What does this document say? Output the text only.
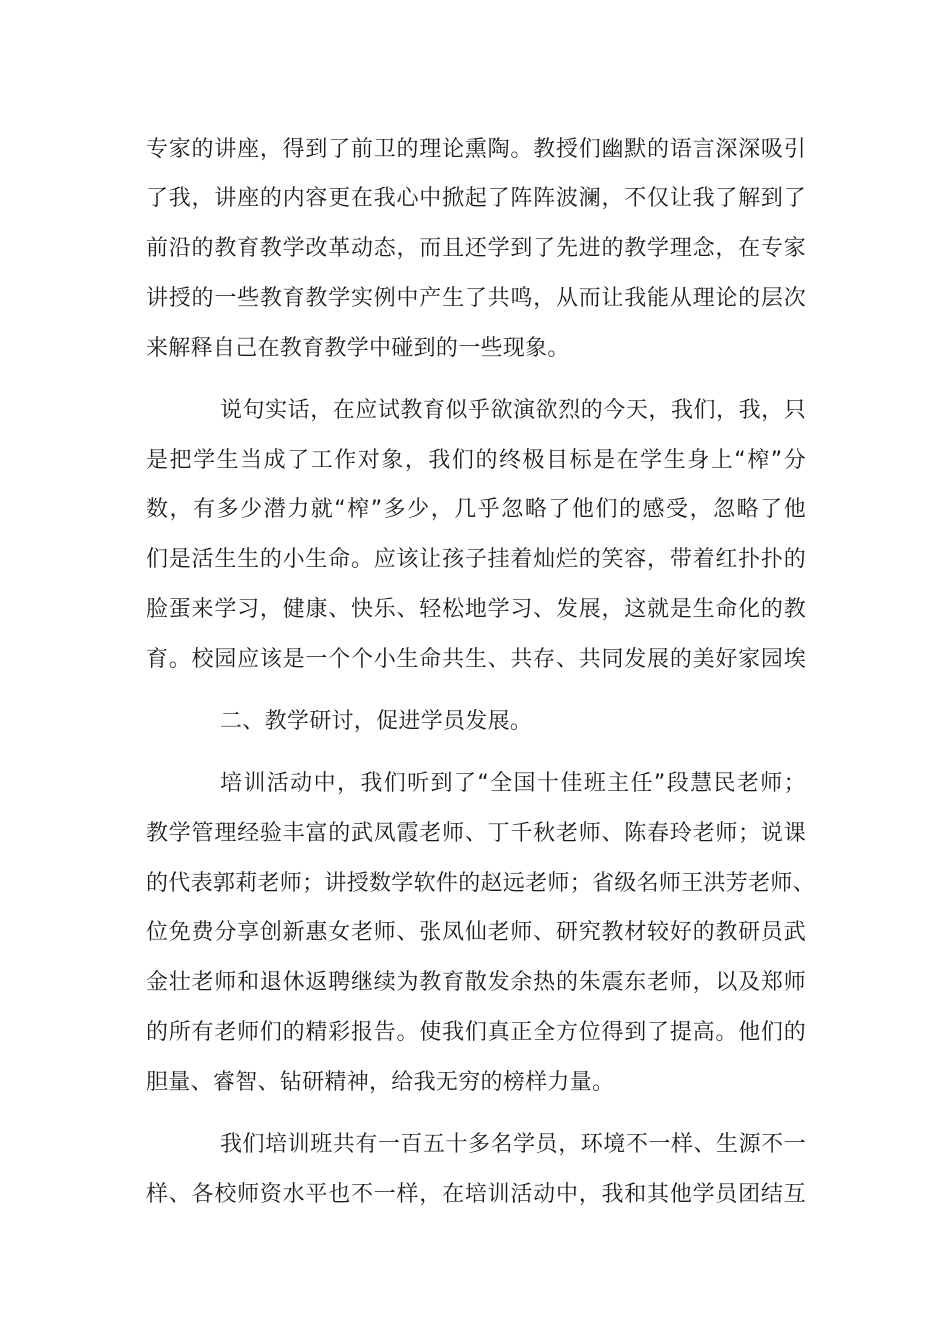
专家的讲座，得到了前卫的理论熏陶。教授们幽默的语言深深吸引
了我，讲座的内容更在我心中掀起了阵阵波澜，不仅让我了解到了
前沿的教育教学改革动态，而且还学到了先进的教学理念，在专家
讲授的一些教育教学实例中产生了共鸣，从而让我能从理论的层次
来解释自己在教育教学中碰到的一些现象。
说句实话，在应试教育似乎欲演欲烈的今天，我们，我，只
是把学生当成了工作对象，我们的终极目标是在学生身上“榨”分
数，有多少潜力就“榨”多少，几乎忽略了他们的感受，忽略了他
们是活生生的小生命。应该让孩子挂着灿烂的笑容，带着红扑扑的
脸蛋来学习，健康、快乐、轻松地学习、发展，这就是生命化的教
育。校园应该是一个个小生命共生、共存、共同发展的美好家园埃
二、教学研讨，促进学员发展。
培训活动中，我们听到了“全国十佳班主任”段慧民老师；
教学管理经验丰富的武凤霞老师、丁千秋老师、陈春玲老师；说课
的代表郭莉老师；讲授数学软件的赵远老师；省级名师王洪芳老师、
位免费分享创新惠女老师、张凤仙老师、研究教材较好的教研员武
金壮老师和退休返聘继续为教育散发余热的朱震东老师，以及郑师
的所有老师们的精彩报告。使我们真正全方位得到了提高。他们的
胆量、睿智、钻研精神，给我无穷的榜样力量。
我们培训班共有一百五十多名学员，环境不一样、生源不一
样、各校师资水平也不一样，在培训活动中，我和其他学员团结互
